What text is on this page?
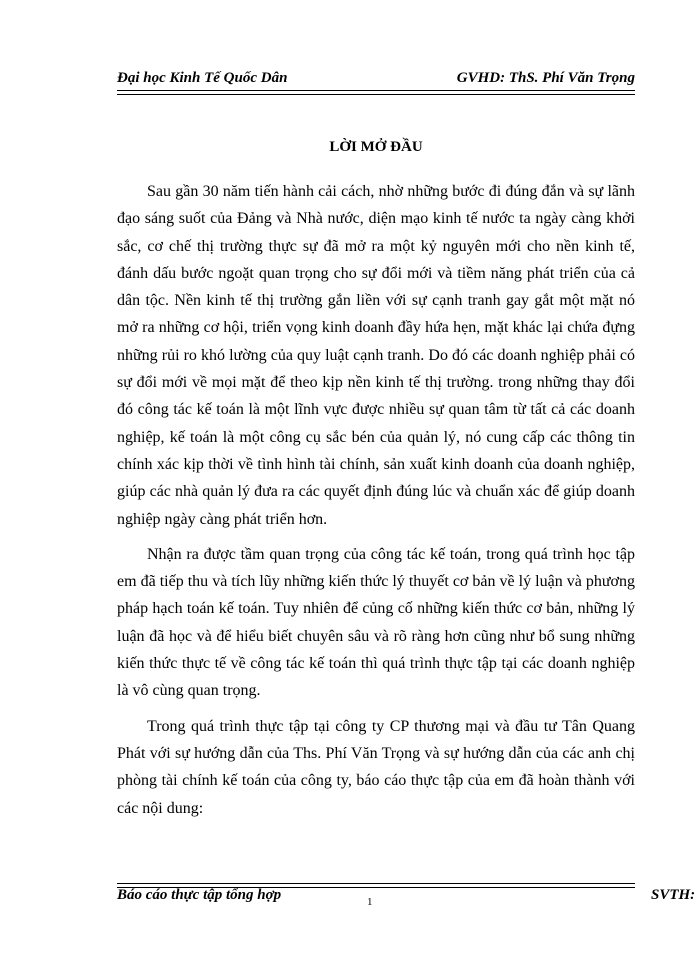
Đại học Kinh Tế Quốc Dân	GVHD: ThS. Phí Văn Trọng
LỜI MỞ ĐẦU

Sau gần 30 năm tiến hành cải cách, nhờ những bước đi đúng đắn và sự lãnh đạo sáng suốt của Đảng và Nhà nước, diện mạo kinh tế nước ta ngày càng khởi sắc, cơ chế thị trường thực sự đã mở ra một kỷ nguyên mới cho nền kinh tế, đánh dấu bước ngoặt quan trọng cho sự đổi mới và tiềm năng phát triển của cả dân tộc. Nền kinh tế thị trường gắn liền với sự cạnh tranh gay gắt một mặt nó mở ra những cơ hội, triển vọng kinh doanh đầy hứa hẹn, mặt khác lại chứa đựng những rủi ro khó lường của quy luật cạnh tranh. Do đó các doanh nghiệp phải có sự đổi mới về mọi mặt để theo kịp nền kinh tế thị trường. trong những thay đổi đó công tác kế toán là một lĩnh vực được nhiều sự quan tâm từ tất cả các doanh nghiệp, kế toán là một công cụ sắc bén của quản lý, nó cung cấp các thông tin chính xác kịp thời về tình hình tài chính, sản xuất kinh doanh của doanh nghiệp, giúp các nhà quản lý đưa ra các quyết định đúng lúc và chuẩn xác để giúp doanh nghiệp ngày càng phát triển hơn.

Nhận ra được tầm quan trọng của công tác kế toán, trong quá trình học tập em đã tiếp thu và tích lũy những kiến thức lý thuyết cơ bản về lý luận và phương pháp hạch toán kế toán. Tuy nhiên để củng cố những kiến thức cơ bản, những lý luận đã học và để hiểu biết chuyên sâu và rõ ràng hơn cũng như bổ sung những kiến thức thực tế về công tác kế toán thì quá trình thực tập tại các doanh nghiệp là vô cùng quan trọng.

Trong quá trình thực tập tại công ty CP thương mại và đầu tư Tân Quang Phát với sự hướng dẫn của Ths. Phí Văn Trọng và sự hướng dẫn của các anh chị phòng tài chính kế toán của công ty, báo cáo thực tập của em đã hoàn thành với các nội dung:

Báo cáo thực tập tổng hợp	1	SVTH:
